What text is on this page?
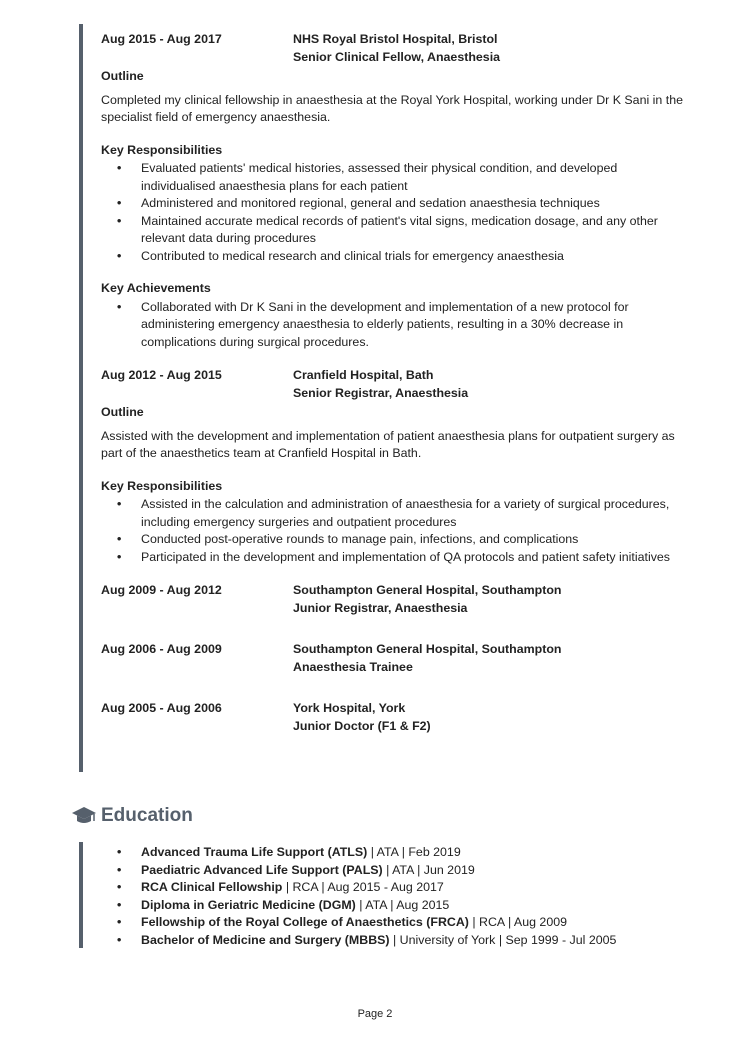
Aug 2015 - Aug 2017	NHS Royal Bristol Hospital, Bristol
Senior Clinical Fellow, Anaesthesia
Outline
Completed my clinical fellowship in anaesthesia at the Royal York Hospital, working under Dr K Sani in the specialist field of emergency anaesthesia.
Key Responsibilities
• Evaluated patients' medical histories, assessed their physical condition, and developed individualised anaesthesia plans for each patient
• Administered and monitored regional, general and sedation anaesthesia techniques
• Maintained accurate medical records of patient's vital signs, medication dosage, and any other relevant data during procedures
• Contributed to medical research and clinical trials for emergency anaesthesia
Key Achievements
• Collaborated with Dr K Sani in the development and implementation of a new protocol for administering emergency anaesthesia to elderly patients, resulting in a 30% decrease in complications during surgical procedures.
Aug 2012 - Aug 2015	Cranfield Hospital, Bath
Senior Registrar, Anaesthesia
Outline
Assisted with the development and implementation of patient anaesthesia plans for outpatient surgery as part of the anaesthetics team at Cranfield Hospital in Bath.
Key Responsibilities
• Assisted in the calculation and administration of anaesthesia for a variety of surgical procedures, including emergency surgeries and outpatient procedures
• Conducted post-operative rounds to manage pain, infections, and complications
• Participated in the development and implementation of QA protocols and patient safety initiatives
Aug 2009 - Aug 2012	Southampton General Hospital, Southampton
Junior Registrar, Anaesthesia
Aug 2006 - Aug 2009	Southampton General Hospital, Southampton
Anaesthesia Trainee
Aug 2005 - Aug 2006	York Hospital, York
Junior Doctor (F1 & F2)
Education
• Advanced Trauma Life Support (ATLS) | ATA | Feb 2019
• Paediatric Advanced Life Support (PALS) | ATA | Jun 2019
• RCA Clinical Fellowship | RCA | Aug 2015 - Aug 2017
• Diploma in Geriatric Medicine (DGM) | ATA | Aug 2015
• Fellowship of the Royal College of Anaesthetics (FRCA) | RCA | Aug 2009
• Bachelor of Medicine and Surgery (MBBS) | University of York | Sep 1999 - Jul 2005
Page 2
